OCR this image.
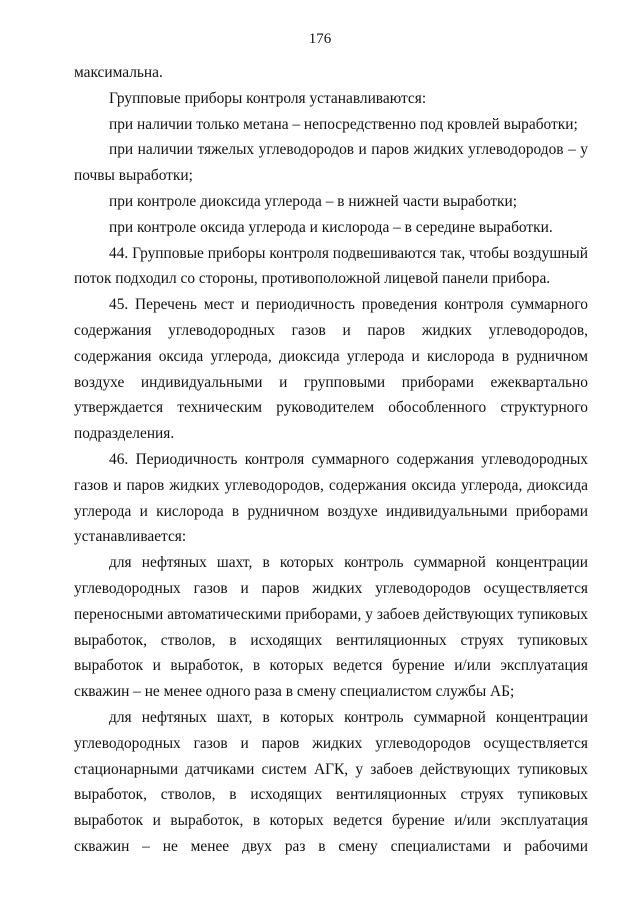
176

максимальна.

Групповые приборы контроля устанавливаются:

при наличии только метана – непосредственно под кровлей выработки;

при наличии тяжелых углеводородов и паров жидких углеводородов – у почвы выработки;

при контроле диоксида углерода – в нижней части выработки;

при контроле оксида углерода и кислорода – в середине выработки.

44. Групповые приборы контроля подвешиваются так, чтобы воздушный поток подходил со стороны, противоположной лицевой панели прибора.

45. Перечень мест и периодичность проведения контроля суммарного содержания углеводородных газов и паров жидких углеводородов, содержания оксида углерода, диоксида углерода и кислорода в рудничном воздухе индивидуальными и групповыми приборами ежеквартально утверждается техническим руководителем обособленного структурного подразделения.

46. Периодичность контроля суммарного содержания углеводородных газов и паров жидких углеводородов, содержания оксида углерода, диоксида углерода и кислорода в рудничном воздухе индивидуальными приборами устанавливается:

для нефтяных шахт, в которых контроль суммарной концентрации углеводородных газов и паров жидких углеводородов осуществляется переносными автоматическими приборами, у забоев действующих тупиковых выработок, стволов, в исходящих вентиляционных струях тупиковых выработок и выработок, в которых ведется бурение и/или эксплуатация скважин – не менее одного раза в смену специалистом службы АБ;

для нефтяных шахт, в которых контроль суммарной концентрации углеводородных газов и паров жидких углеводородов осуществляется стационарными датчиками систем АГК, у забоев действующих тупиковых выработок, стволов, в исходящих вентиляционных струях тупиковых выработок и выработок, в которых ведется бурение и/или эксплуатация скважин – не менее двух раз в смену специалистами и рабочими
